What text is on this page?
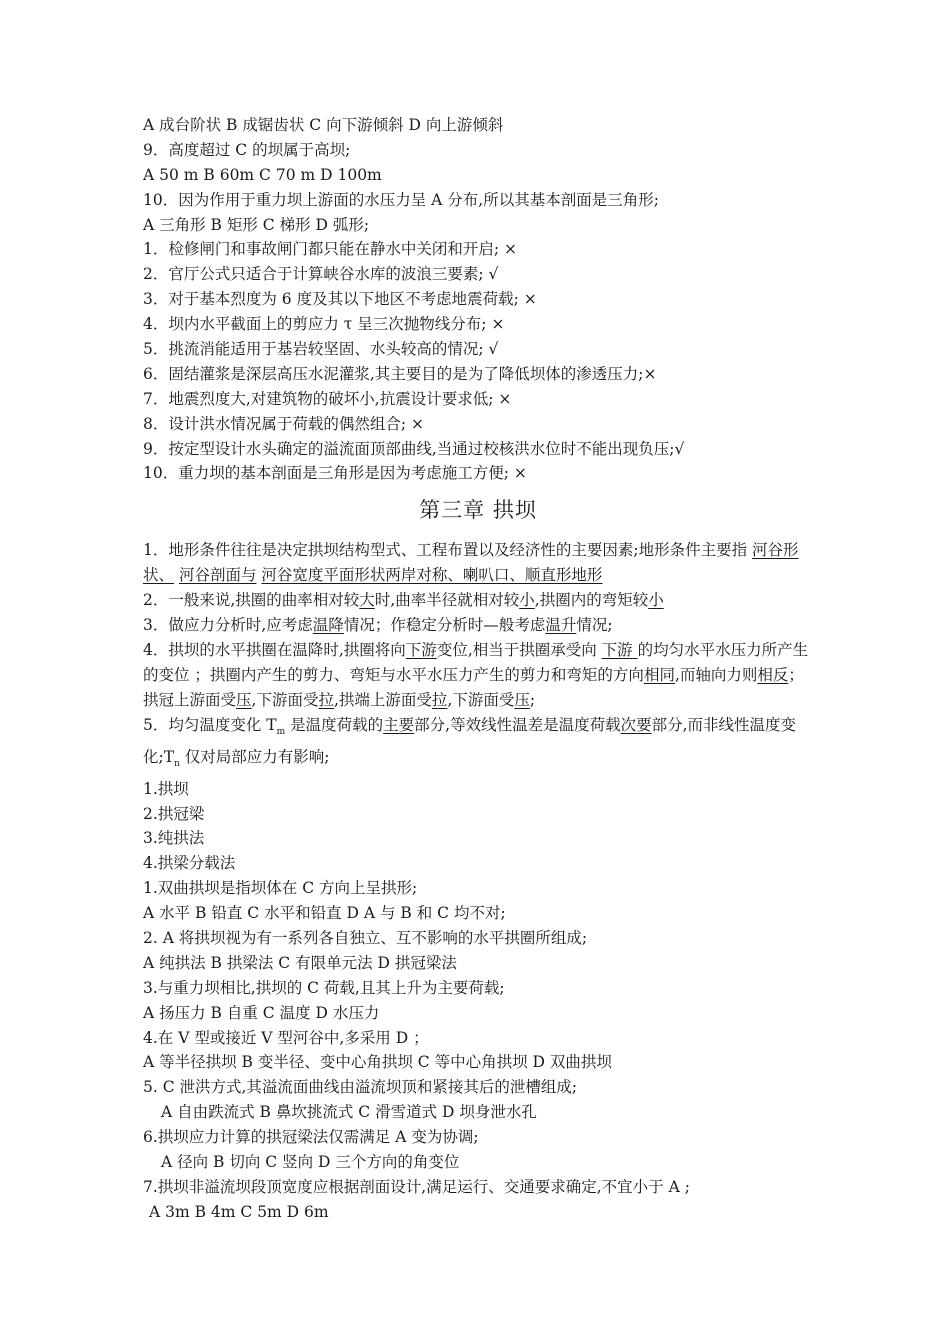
A 成台阶状 B 成锯齿状 C 向下游倾斜 D 向上游倾斜
9．高度超过 C 的坝属于高坝;
A 50 m B 60m C 70 m D 100m
10．因为作用于重力坝上游面的水压力呈 A 分布,所以其基本剖面是三角形;
A 三角形 B 矩形 C 梯形 D 弧形;
1．检修闸门和事故闸门都只能在静水中关闭和开启; ×
2．官厅公式只适合于计算峡谷水库的波浪三要素; √
3．对于基本烈度为 6 度及其以下地区不考虑地震荷载; ×
4．坝内水平截面上的剪应力 τ 呈三次抛物线分布; ×
5．挑流消能适用于基岩较坚固、水头较高的情况; √
6．固结灌浆是深层高压水泥灌浆,其主要目的是为了降低坝体的渗透压力;×
7．地震烈度大,对建筑物的破坏小,抗震设计要求低; ×
8．设计洪水情况属于荷载的偶然组合; ×
9．按定型设计水头确定的溢流面顶部曲线,当通过校核洪水位时不能出现负压;√
10．重力坝的基本剖面是三角形是因为考虑施工方便; ×
第三章 拱坝
1．地形条件往往是决定拱坝结构型式、工程布置以及经济性的主要因素;地形条件主要指 河谷形状、 河谷剖面与 河谷宽度平面形状两岸对称、喇叭口、顺直形地形
2．一般来说,拱圈的曲率相对较大时,曲率半径就相对较小,拱圈内的弯矩较小
3．做应力分析时,应考虑温降情况；作稳定分析时—般考虑温升情况;
4．拱坝的水平拱圈在温降时,拱圈将向下游变位,相当于拱圈承受向 下游 的均匀水平水压力所产生的变位 ；拱圈内产生的剪力、弯矩与水平水压力产生的剪力和弯矩的方向相同,而轴向力则相反；拱冠上游面受压,下游面受拉,拱端上游面受拉,下游面受压;
5．均匀温度变化 $T_m$ 是温度荷载的主要部分,等效线性温差是温度荷载次要部分,而非线性温度变化$;T_n$ 仅对局部应力有影响;
1.拱坝
2.拱冠梁
3.纯拱法
4.拱梁分载法
1.双曲拱坝是指坝体在 C 方向上呈拱形;
A 水平 B 铅直 C 水平和铅直 D A 与 B 和 C 均不对;
2. A 将拱坝视为有一系列各自独立、互不影响的水平拱圈所组成;
A 纯拱法 B 拱梁法 C 有限单元法 D 拱冠梁法
3.与重力坝相比,拱坝的 C 荷载,且其上升为主要荷载;
A 扬压力 B 自重 C 温度 D 水压力
4.在 V 型或接近 V 型河谷中,多采用 D ；
A 等半径拱坝 B 变半径、变中心角拱坝 C 等中心角拱坝 D 双曲拱坝
5. C 泄洪方式,其溢流面曲线由溢流坝顶和紧接其后的泄槽组成;
A 自由跌流式 B 鼻坎挑流式 C 滑雪道式 D 坝身泄水孔
6.拱坝应力计算的拱冠梁法仅需满足 A 变为协调;
A 径向 B 切向 C 竖向 D 三个方向的角变位
7.拱坝非溢流坝段顶宽度应根据剖面设计,满足运行、交通要求确定,不宜小于 A ;
A 3m B 4m C 5m D 6m
